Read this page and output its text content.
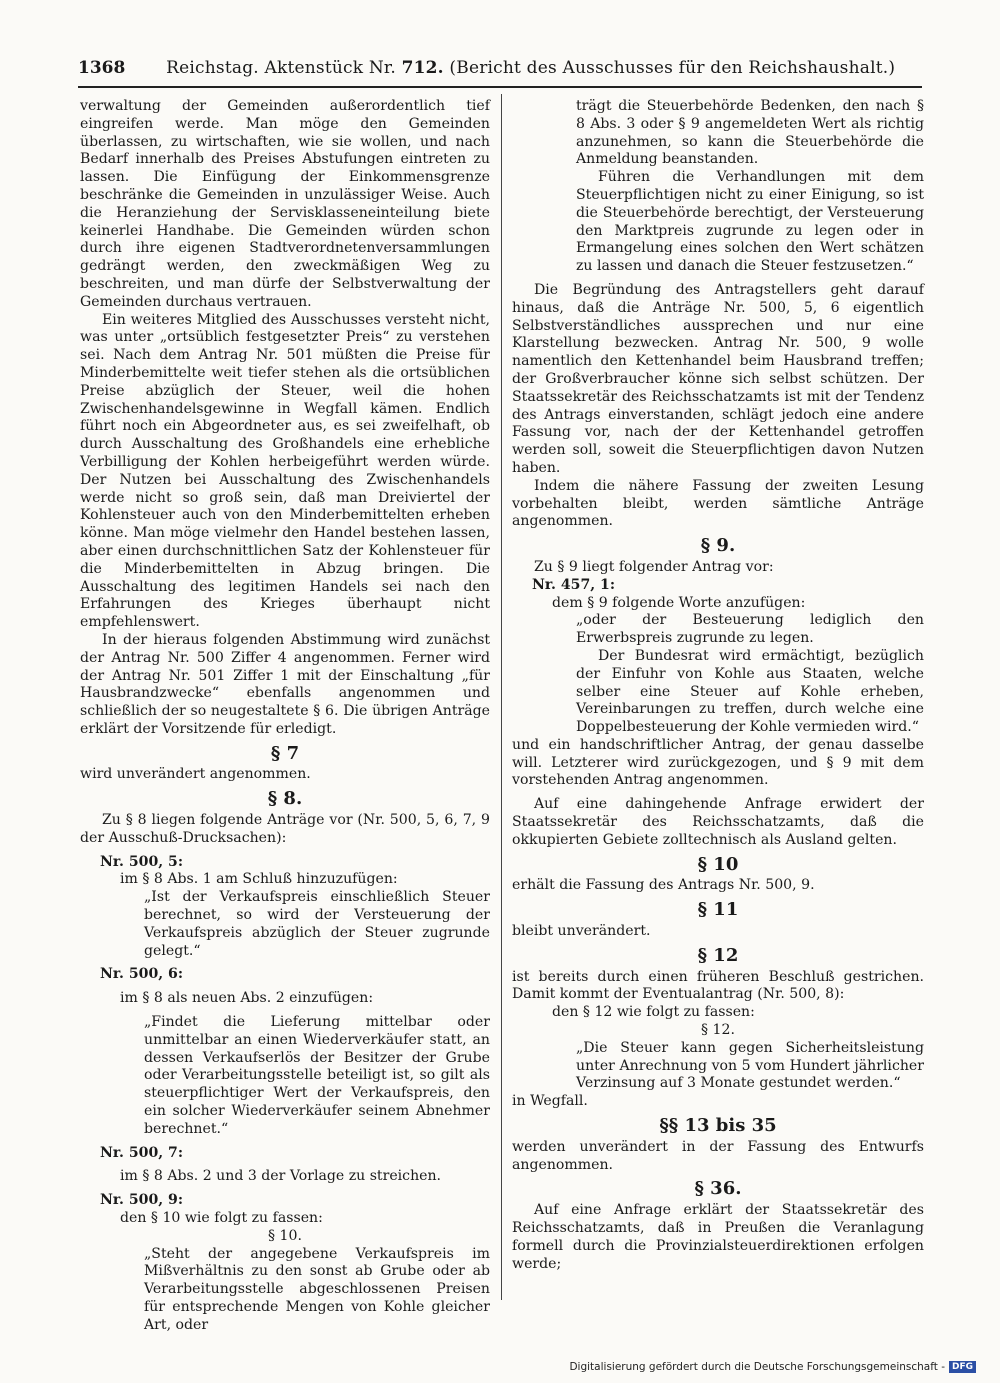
1368	Reichstag. Aktenstück Nr. 712. (Bericht des Ausschusses für den Reichshaushalt.)

verwaltung der Gemeinden außerordentlich tief eingreifen werde. Man möge den Gemeinden überlassen, zu wirtschaften, wie sie wollen, und nach Bedarf innerhalb des Preises Abstufungen eintreten zu lassen. Die Einfügung der Einkommensgrenze beschränke die Gemeinden in unzulässiger Weise. Auch die Heranziehung der Servisklasseneinteilung biete keinerlei Handhabe. Die Gemeinden würden schon durch ihre eigenen Stadtverordnetenversammlungen gedrängt werden, den zweckmäßigen Weg zu beschreiten, und man dürfe der Selbstverwaltung der Gemeinden durchaus vertrauen.

Ein weiteres Mitglied des Ausschusses versteht nicht, was unter „ortsüblich festgesetzter Preis“ zu verstehen sei. Nach dem Antrag Nr. 501 müßten die Preise für Minderbemittelte weit tiefer stehen als die ortsüblichen Preise abzüglich der Steuer, weil die hohen Zwischenhandelsgewinne in Wegfall kämen. Endlich führt noch ein Abgeordneter aus, es sei zweifelhaft, ob durch Ausschaltung des Großhandels eine erhebliche Verbilligung der Kohlen herbeigeführt werden würde. Der Nutzen bei Ausschaltung des Zwischenhandels werde nicht so groß sein, daß man Dreiviertel der Kohlensteuer auch von den Minderbemittelten erheben könne. Man möge vielmehr den Handel bestehen lassen, aber einen durchschnittlichen Satz der Kohlensteuer für die Minderbemittelten in Abzug bringen. Die Ausschaltung des legitimen Handels sei nach den Erfahrungen des Krieges überhaupt nicht empfehlenswert.

In der hieraus folgenden Abstimmung wird zunächst der Antrag Nr. 500 Ziffer 4 angenommen. Ferner wird der Antrag Nr. 501 Ziffer 1 mit der Einschaltung „für Hausbrandzwecke“ ebenfalls angenommen und schließlich der so neugestaltete § 6. Die übrigen Anträge erklärt der Vorsitzende für erledigt.

§ 7

wird unverändert angenommen.

§ 8.

Zu § 8 liegen folgende Anträge vor (Nr. 500, 5, 6, 7, 9 der Ausschuß-Drucksachen):

Nr. 500, 5:

im § 8 Abs. 1 am Schluß hinzuzufügen:

„Ist der Verkaufspreis einschließlich Steuer berechnet, so wird der Versteuerung der Verkaufspreis abzüglich der Steuer zugrunde gelegt.“

Nr. 500, 6:

im § 8 als neuen Abs. 2 einzufügen:

„Findet die Lieferung mittelbar oder unmittelbar an einen Wiederverkäufer statt, an dessen Verkaufserlös der Besitzer der Grube oder Verarbeitungsstelle beteiligt ist, so gilt als steuerpflichtiger Wert der Verkaufspreis, den ein solcher Wiederverkäufer seinem Abnehmer berechnet.“

Nr. 500, 7:

im § 8 Abs. 2 und 3 der Vorlage zu streichen.

Nr. 500, 9:

den § 10 wie folgt zu fassen:

§ 10.

„Steht der angegebene Verkaufspreis im Mißverhältnis zu den sonst ab Grube oder ab Verarbeitungsstelle abgeschlossenen Preisen für entsprechende Mengen von Kohle gleicher Art, oder

trägt die Steuerbehörde Bedenken, den nach § 8 Abs. 3 oder § 9 angemeldeten Wert als richtig anzunehmen, so kann die Steuerbehörde die Anmeldung beanstanden.

Führen die Verhandlungen mit dem Steuerpflichtigen nicht zu einer Einigung, so ist die Steuerbehörde berechtigt, der Versteuerung den Marktpreis zugrunde zu legen oder in Ermangelung eines solchen den Wert schätzen zu lassen und danach die Steuer festzusetzen.“

Die Begründung des Antragstellers geht darauf hinaus, daß die Anträge Nr. 500, 5, 6 eigentlich Selbstverständliches aussprechen und nur eine Klarstellung bezwecken. Antrag Nr. 500, 9 wolle namentlich den Kettenhandel beim Hausbrand treffen; der Großverbraucher könne sich selbst schützen. Der Staatssekretär des Reichsschatzamts ist mit der Tendenz des Antrags einverstanden, schlägt jedoch eine andere Fassung vor, nach der der Kettenhandel getroffen werden soll, soweit die Steuerpflichtigen davon Nutzen haben.

Indem die nähere Fassung der zweiten Lesung vorbehalten bleibt, werden sämtliche Anträge angenommen.

§ 9.

Zu § 9 liegt folgender Antrag vor:

Nr. 457, 1:

dem § 9 folgende Worte anzufügen:

„oder der Besteuerung lediglich den Erwerbspreis zugrunde zu legen.

Der Bundesrat wird ermächtigt, bezüglich der Einfuhr von Kohle aus Staaten, welche selber eine Steuer auf Kohle erheben, Vereinbarungen zu treffen, durch welche eine Doppelbesteuerung der Kohle vermieden wird.“

und ein handschriftlicher Antrag, der genau dasselbe will. Letzterer wird zurückgezogen, und § 9 mit dem vorstehenden Antrag angenommen.

Auf eine dahingehende Anfrage erwidert der Staatssekretär des Reichsschatzamts, daß die okkupierten Gebiete zolltechnisch als Ausland gelten.

§ 10

erhält die Fassung des Antrags Nr. 500, 9.

§ 11

bleibt unverändert.

§ 12

ist bereits durch einen früheren Beschluß gestrichen. Damit kommt der Eventualantrag (Nr. 500, 8):

den § 12 wie folgt zu fassen:

§ 12.

„Die Steuer kann gegen Sicherheitsleistung unter Anrechnung von 5 vom Hundert jährlicher Verzinsung auf 3 Monate gestundet werden.“

in Wegfall.

§§ 13 bis 35

werden unverändert in der Fassung des Entwurfs angenommen.

§ 36.

Auf eine Anfrage erklärt der Staatssekretär des Reichsschatzamts, daß in Preußen die Veranlagung formell durch die Provinzialsteuerdirektionen erfolgen werde;

Digitalisierung gefördert durch die Deutsche Forschungsgemeinschaft - DFG
